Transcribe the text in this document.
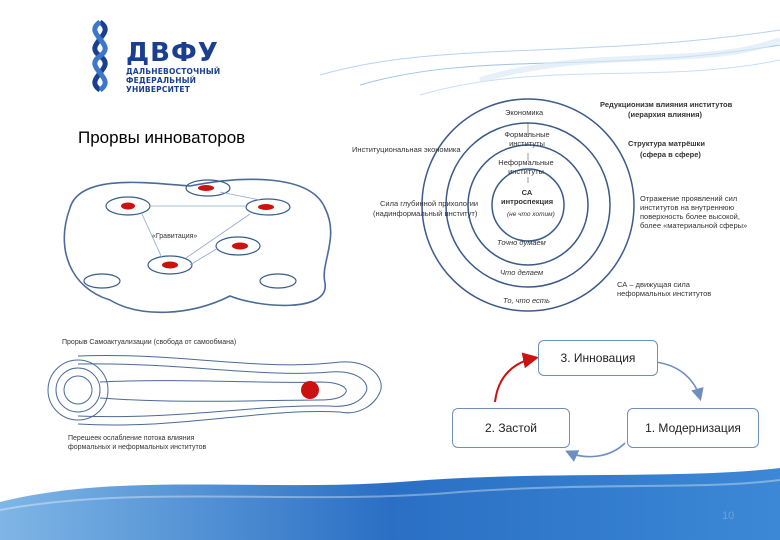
ДВФУ
ДАЛЬНЕВОСТОЧНЫЙ
ФЕДЕРАЛЬНЫЙ
УНИВЕРСИТЕТ
Прорвы инноваторов
«Гравитация»
Экономика
Формальные институты
Неформальные институты
СА интроспекция
(не что хотим)
Редукционизм влияния институтов
(иерархия влияния)
Структура матрёшки
(сфера в сфере)
Институциональная экономика
Сила глубинной прихологии
(надинформальный институт)
Точно думаем
Что делаем
То, что есть
Отражение проявлений сил
институтов на внутреннюю
поверхность более высокой,
более «материальной сферы»
СА – движущая сила
неформальных институтов
Прорыв Самоактуализации (свобода от самообмана)
Перешеек ослабление потока влияния
формальных и неформальных институтов
3. Инновация
2. Застой	1. Модернизация
10
